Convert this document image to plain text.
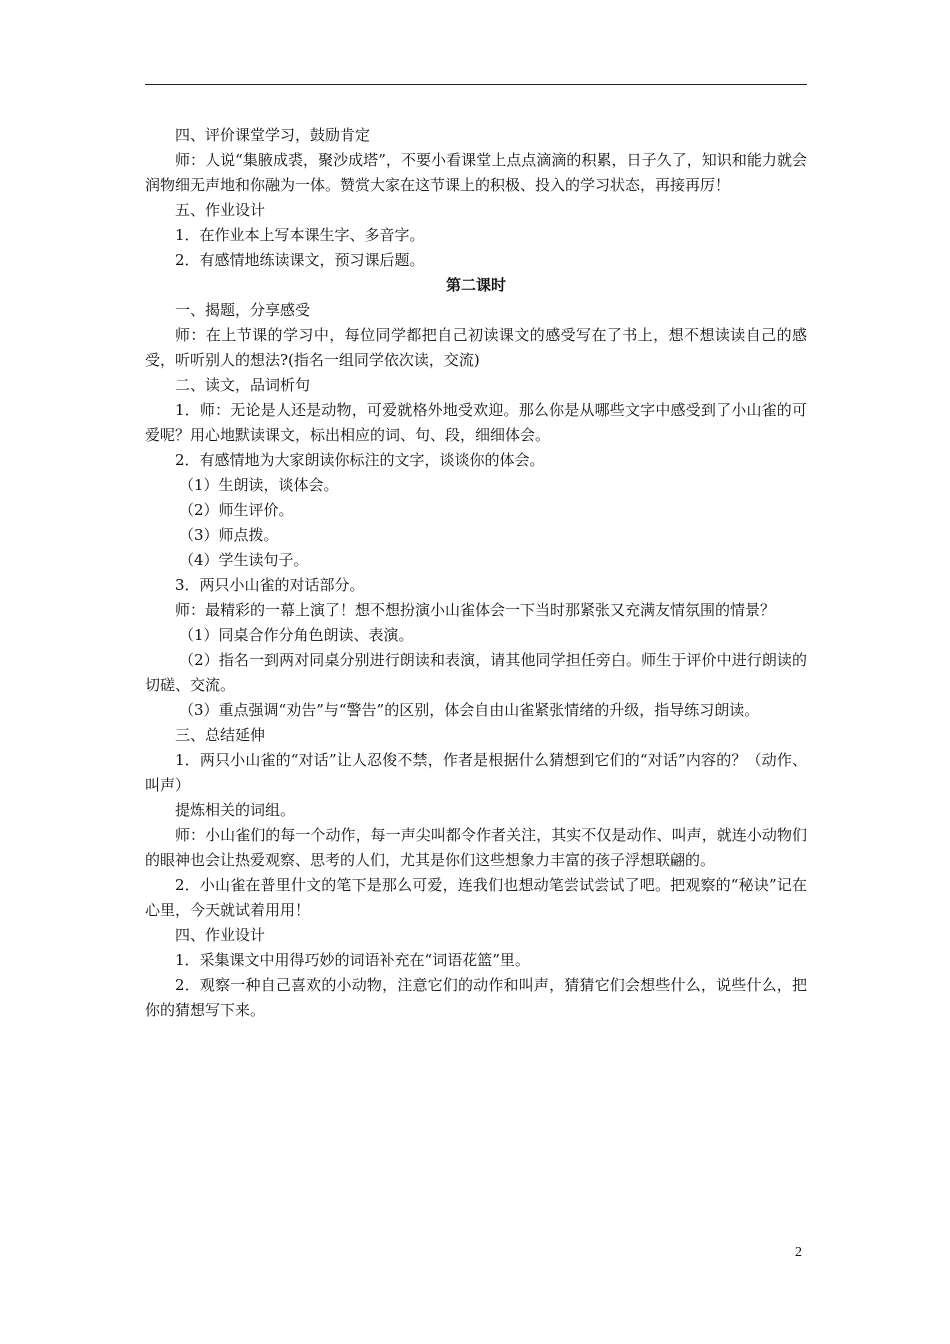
四、评价课堂学习，鼓励肯定

师：人说“集腋成裘，聚沙成塔”，不要小看课堂上点点滴滴的积累，日子久了，知识和能力就会润物细无声地和你融为一体。赞赏大家在这节课上的积极、投入的学习状态，再接再厉！

五、作业设计

1．在作业本上写本课生字、多音字。

2．有感情地练读课文，预习课后题。

第二课时

一、揭题，分享感受

师：在上节课的学习中，每位同学都把自己初读课文的感受写在了书上，想不想读读自己的感受，听听别人的想法?(指名一组同学依次读，交流)

二、读文，品词析句

1．师：无论是人还是动物，可爱就格外地受欢迎。那么你是从哪些文字中感受到了小山雀的可爱呢？用心地默读课文，标出相应的词、句、段，细细体会。

2．有感情地为大家朗读你标注的文字，谈谈你的体会。

（1）生朗读，谈体会。

（2）师生评价。

（3）师点拨。

（4）学生读句子。

3．两只小山雀的对话部分。

师：最精彩的一幕上演了！想不想扮演小山雀体会一下当时那紧张又充满友情氛围的情景？

（1）同桌合作分角色朗读、表演。

（2）指名一到两对同桌分别进行朗读和表演，请其他同学担任旁白。师生于评价中进行朗读的切磋、交流。

（3）重点强调“劝告”与“警告”的区别，体会自由山雀紧张情绪的升级，指导练习朗读。

三、总结延伸

1．两只小山雀的“对话”让人忍俊不禁，作者是根据什么猜想到它们的“对话”内容的？（动作、叫声）

提炼相关的词组。

师：小山雀们的每一个动作，每一声尖叫都令作者关注，其实不仅是动作、叫声，就连小动物们的眼神也会让热爱观察、思考的人们，尤其是你们这些想象力丰富的孩子浮想联翩的。

2．小山雀在普里什文的笔下是那么可爱，连我们也想动笔尝试尝试了吧。把观察的“秘诀”记在心里，今天就试着用用！

四、作业设计

1．采集课文中用得巧妙的词语补充在“词语花篮”里。

2．观察一种自己喜欢的小动物，注意它们的动作和叫声，猜猜它们会想些什么，说些什么，把你的猜想写下来。

2
